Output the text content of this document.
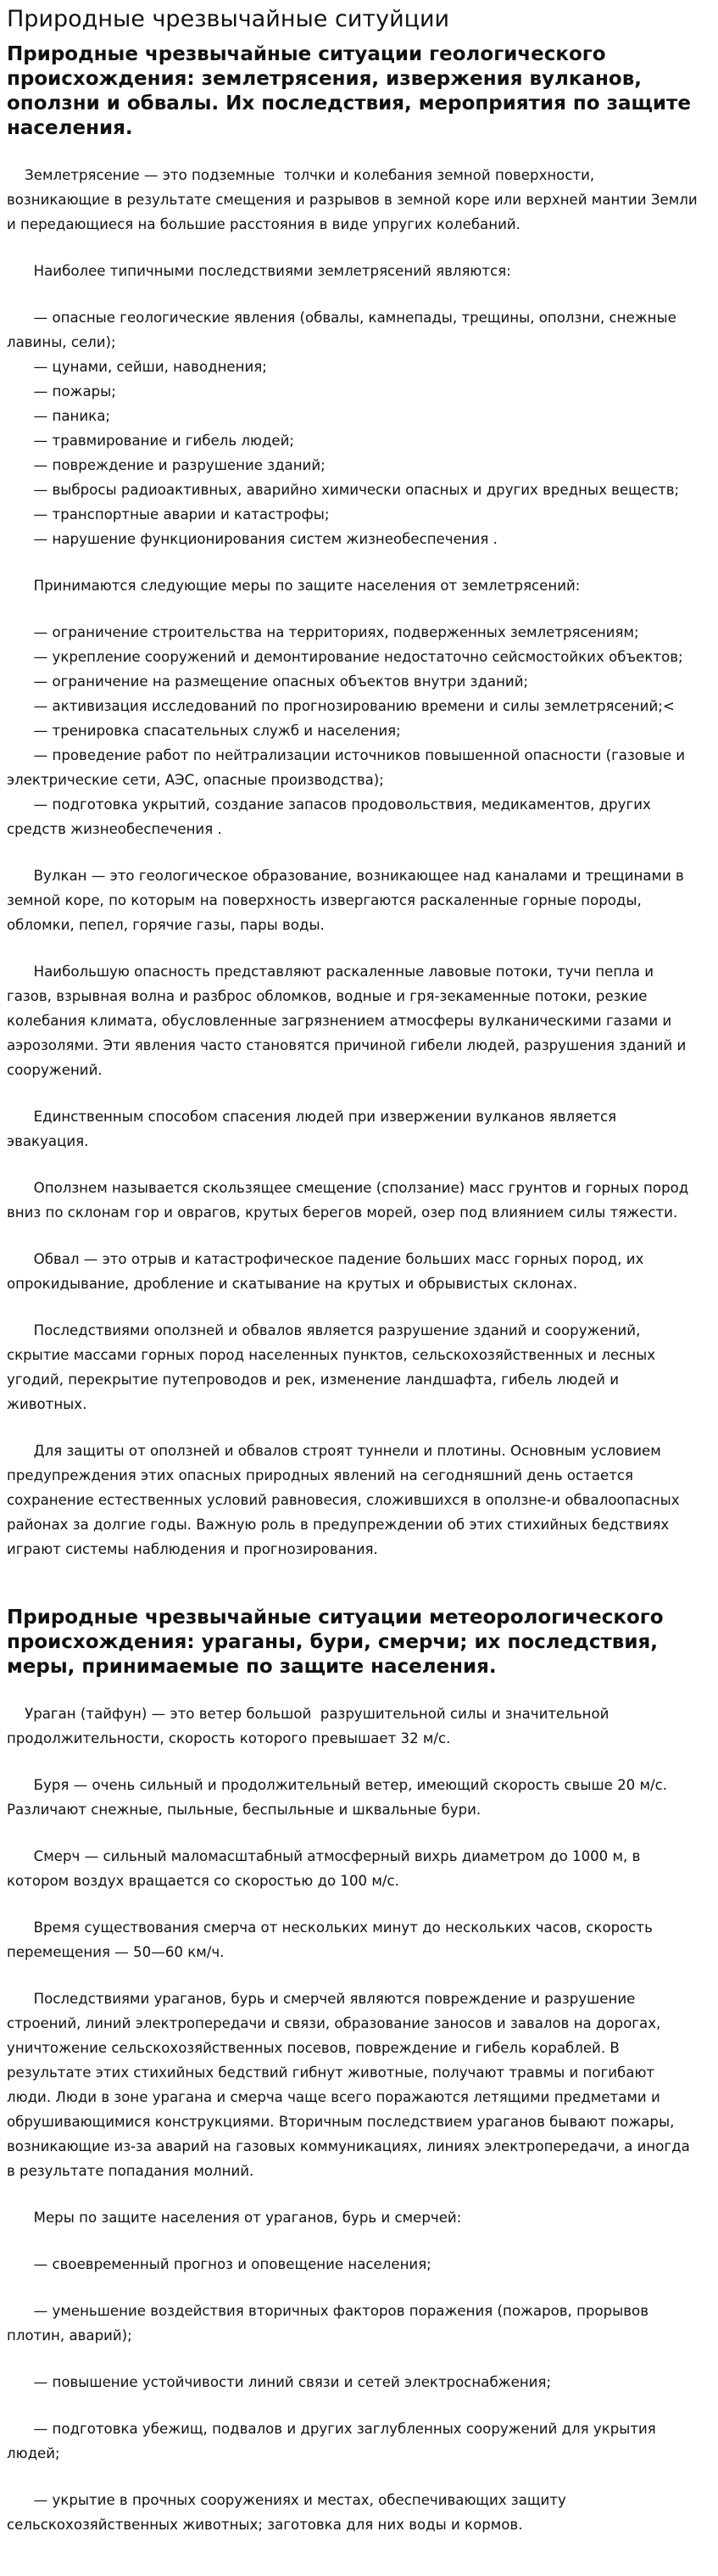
Природные чрезвычайные ситуйции
Природные чрезвычайные ситуации геологического происхождения: землетрясения, извержения вулканов, оползни и обвалы. Их последствия, мероприятия по защите населения.

Землетрясение — это подземные  толчки и колебания земной поверхности, возникающие в результате смещения и разрывов в земной коре или верхней мантии Земли и передающиеся на большие расстояния в виде упругих колебаний.

Наиболее типичными последствиями землетрясений являются:

— опасные геологические явления (обвалы, камнепады, трещины, оползни, снежные лавины, сели);

— цунами, сейши, наводнения;

— пожары;

— паника;

— травмирование и гибель людей;

— повреждение и разрушение зданий;

— выбросы радиоактивных, аварийно химически опасных и других вредных веществ;

— транспортные аварии и катастрофы;

— нарушение функционирования систем жизнеобеспечения .

Принимаются следующие меры по защите населения от землетрясений:

— ограничение строительства на территориях, подверженных землетрясениям;

— укрепление сооружений и демонтирование недостаточно сейсмостойких объектов;

— ограничение на размещение опасных объектов внутри зданий;

— активизация исследований по прогнозированию времени и силы землетрясений;<

— тренировка спасательных служб и населения;

— проведение работ по нейтрализации источников повышенной опасности (газовые и электрические сети, АЭС, опасные производства);

— подготовка укрытий, создание запасов продовольствия, медикаментов, других средств жизнеобеспечения .

Вулкан — это геологическое образование, возникающее над каналами и трещинами в земной коре, по которым на поверхность извергаются раскаленные горные породы, обломки, пепел, горячие газы, пары воды.

Наибольшую опасность представляют раскаленные лавовые потоки, тучи пепла и газов, взрывная волна и разброс обломков, водные и гря-зекаменные потоки, резкие колебания климата, обусловленные загрязнением атмосферы вулканическими газами и аэрозолями. Эти явления часто становятся причиной гибели людей, разрушения зданий и сооружений.

Единственным способом спасения людей при извержении вулканов является эвакуация.

Оползнем называется скользящее смещение (сползание) масс грунтов и горных пород вниз по склонам гор и оврагов, крутых берегов морей, озер под влиянием силы тяжести.

Обвал — это отрыв и катастрофическое падение больших масс горных пород, их опрокидывание, дробление и скатывание на крутых и обрывистых склонах.

Последствиями оползней и обвалов является разрушение зданий и сооружений, скрытие массами горных пород населенных пунктов, сельскохозяйственных и лесных угодий, перекрытие путепроводов и рек, изменение ландшафта, гибель людей и животных.

Для защиты от оползней и обвалов строят туннели и плотины. Основным условием предупреждения этих опасных природных явлений на сегодняшний день остается сохранение естественных условий равновесия, сложившихся в оползне-и обвалоопасных районах за долгие годы. Важную роль в предупреждении об этих стихийных бедствиях играют системы наблюдения и прогнозирования.

Природные чрезвычайные ситуации метеорологического происхождения: ураганы, бури, смерчи; их последствия, меры, принимаемые по защите населения.

Ураган (тайфун) — это ветер большой  разрушительной силы и значительной продолжительности, скорость которого превышает 32 м/с.

Буря — очень сильный и продолжительный ветер, имеющий скорость свыше 20 м/с. Различают снежные, пыльные, беспыльные и шквальные бури.

Смерч — сильный маломасштабный атмосферный вихрь диаметром до 1000 м, в котором воздух вращается со скоростью до 100 м/с.

Время существования смерча от нескольких минут до нескольких часов, скорость перемещения — 50—60 км/ч.

Последствиями ураганов, бурь и смерчей являются повреждение и разрушение строений, линий электропередачи и связи, образование заносов и завалов на дорогах, уничтожение сельскохозяйственных посевов, повреждение и гибель кораблей. В результате этих стихийных бедствий гибнут животные, получают травмы и погибают люди. Люди в зоне урагана и смерча чаще всего поражаются летящими предметами и обрушивающимися конструкциями. Вторичным последствием ураганов бывают пожары, возникающие из-за аварий на газовых коммуникациях, линиях электропередачи, а иногда в результате попадания молний.

Меры по защите населения от ураганов, бурь и смерчей:

— своевременный прогноз и оповещение населения;

— уменьшение воздействия вторичных факторов поражения (пожаров, прорывов плотин, аварий);

— повышение устойчивости линий связи и сетей электроснабжения;

— подготовка убежищ, подвалов и других заглубленных сооружений для укрытия людей;

— укрытие в прочных сооружениях и местах, обеспечивающих защиту сельскохозяйственных животных; заготовка для них воды и кормов.
